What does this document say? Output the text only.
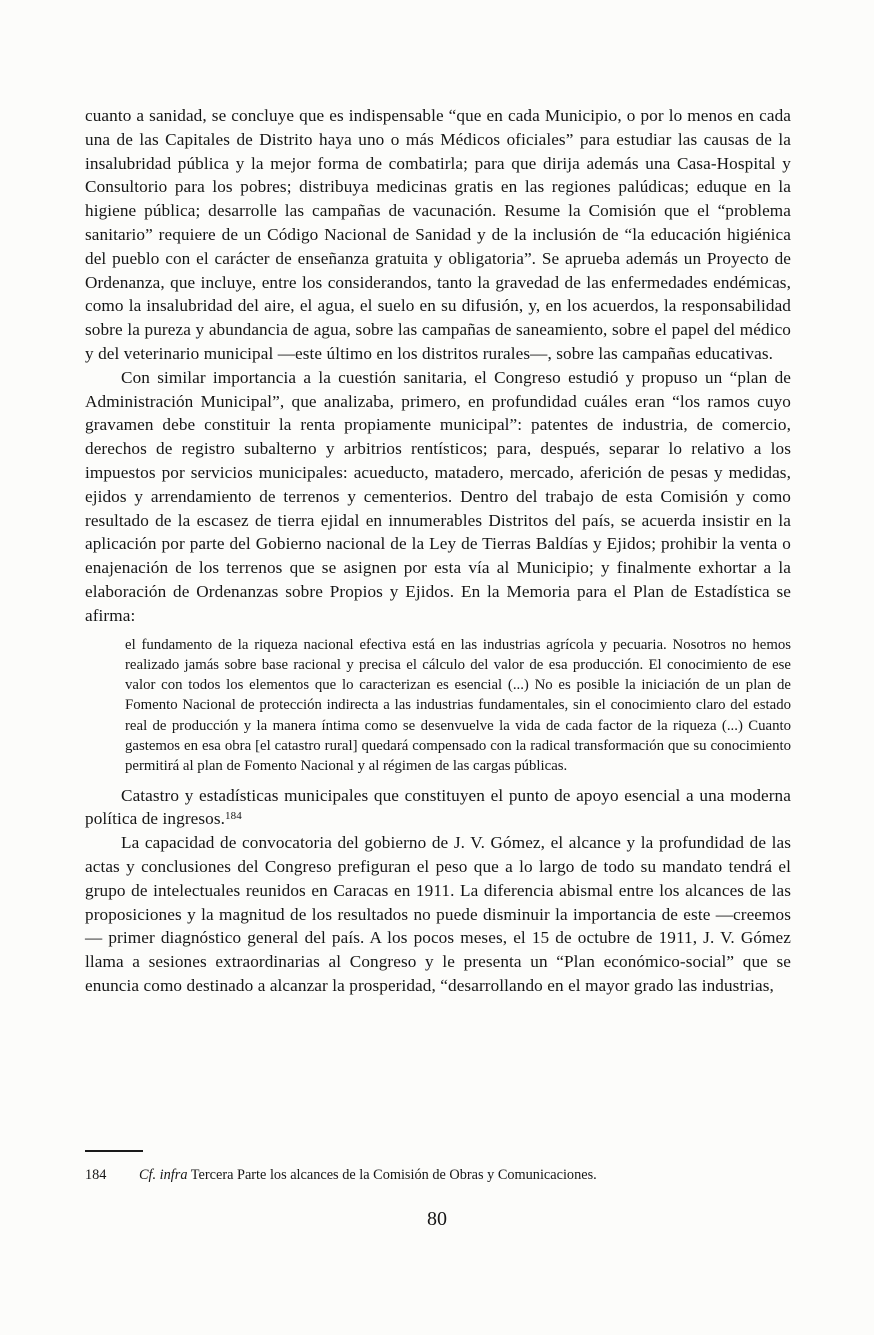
cuanto a sanidad, se concluye que es indispensable “que en cada Municipio, o por lo menos en cada una de las Capitales de Distrito haya uno o más Médicos oficiales” para estudiar las causas de la insalubridad pública y la mejor forma de combatirla; para que dirija además una Casa-Hospital y Consultorio para los pobres; distribuya medicinas gratis en las regiones palúdicas; eduque en la higiene pública; desarrolle las campañas de vacunación. Resume la Comisión que el “problema sanitario” requiere de un Código Nacional de Sanidad y de la inclusión de “la educación higiénica del pueblo con el carácter de enseñanza gratuita y obligatoria”. Se aprueba además un Proyecto de Ordenanza, que incluye, entre los considerandos, tanto la gravedad de las enfermedades endémicas, como la insalubridad del aire, el agua, el suelo en su difusión, y, en los acuerdos, la responsabilidad sobre la pureza y abundancia de agua, sobre las campañas de saneamiento, sobre el papel del médico y del veterinario municipal —este último en los distritos rurales—, sobre las campañas educativas.

Con similar importancia a la cuestión sanitaria, el Congreso estudió y propuso un “plan de Administración Municipal”, que analizaba, primero, en profundidad cuáles eran “los ramos cuyo gravamen debe constituir la renta propiamente municipal”: patentes de industria, de comercio, derechos de registro subalterno y arbitrios rentísticos; para, después, separar lo relativo a los impuestos por servicios municipales: acueducto, matadero, mercado, aferición de pesas y medidas, ejidos y arrendamiento de terrenos y cementerios. Dentro del trabajo de esta Comisión y como resultado de la escasez de tierra ejidal en innumerables Distritos del país, se acuerda insistir en la aplicación por parte del Gobierno nacional de la Ley de Tierras Baldías y Ejidos; prohibir la venta o enajenación de los terrenos que se asignen por esta vía al Municipio; y finalmente exhortar a la elaboración de Ordenanzas sobre Propios y Ejidos. En la Memoria para el Plan de Estadística se afirma:

el fundamento de la riqueza nacional efectiva está en las industrias agrícola y pecuaria. Nosotros no hemos realizado jamás sobre base racional y precisa el cálculo del valor de esa producción. El conocimiento de ese valor con todos los elementos que lo caracterizan es esencial (...) No es posible la iniciación de un plan de Fomento Nacional de protección indirecta a las industrias fundamentales, sin el conocimiento claro del estado real de producción y la manera íntima como se desenvuelve la vida de cada factor de la riqueza (...) Cuanto gastemos en esa obra [el catastro rural] quedará compensado con la radical transformación que su conocimiento permitirá al plan de Fomento Nacional y al régimen de las cargas públicas.

Catastro y estadísticas municipales que constituyen el punto de apoyo esencial a una moderna política de ingresos.$^{184}$

La capacidad de convocatoria del gobierno de J. V. Gómez, el alcance y la profundidad de las actas y conclusiones del Congreso prefiguran el peso que a lo largo de todo su mandato tendrá el grupo de intelectuales reunidos en Caracas en 1911. La diferencia abismal entre los alcances de las proposiciones y la magnitud de los resultados no puede disminuir la importancia de este —creemos— primer diagnóstico general del país. A los pocos meses, el 15 de octubre de 1911, J. V. Gómez llama a sesiones extraordinarias al Congreso y le presenta un “Plan económico-social” que se enuncia como destinado a alcanzar la prosperidad, “desarrollando en el mayor grado las industrias,

184 Cf. infra Tercera Parte los alcances de la Comisión de Obras y Comunicaciones.
80
